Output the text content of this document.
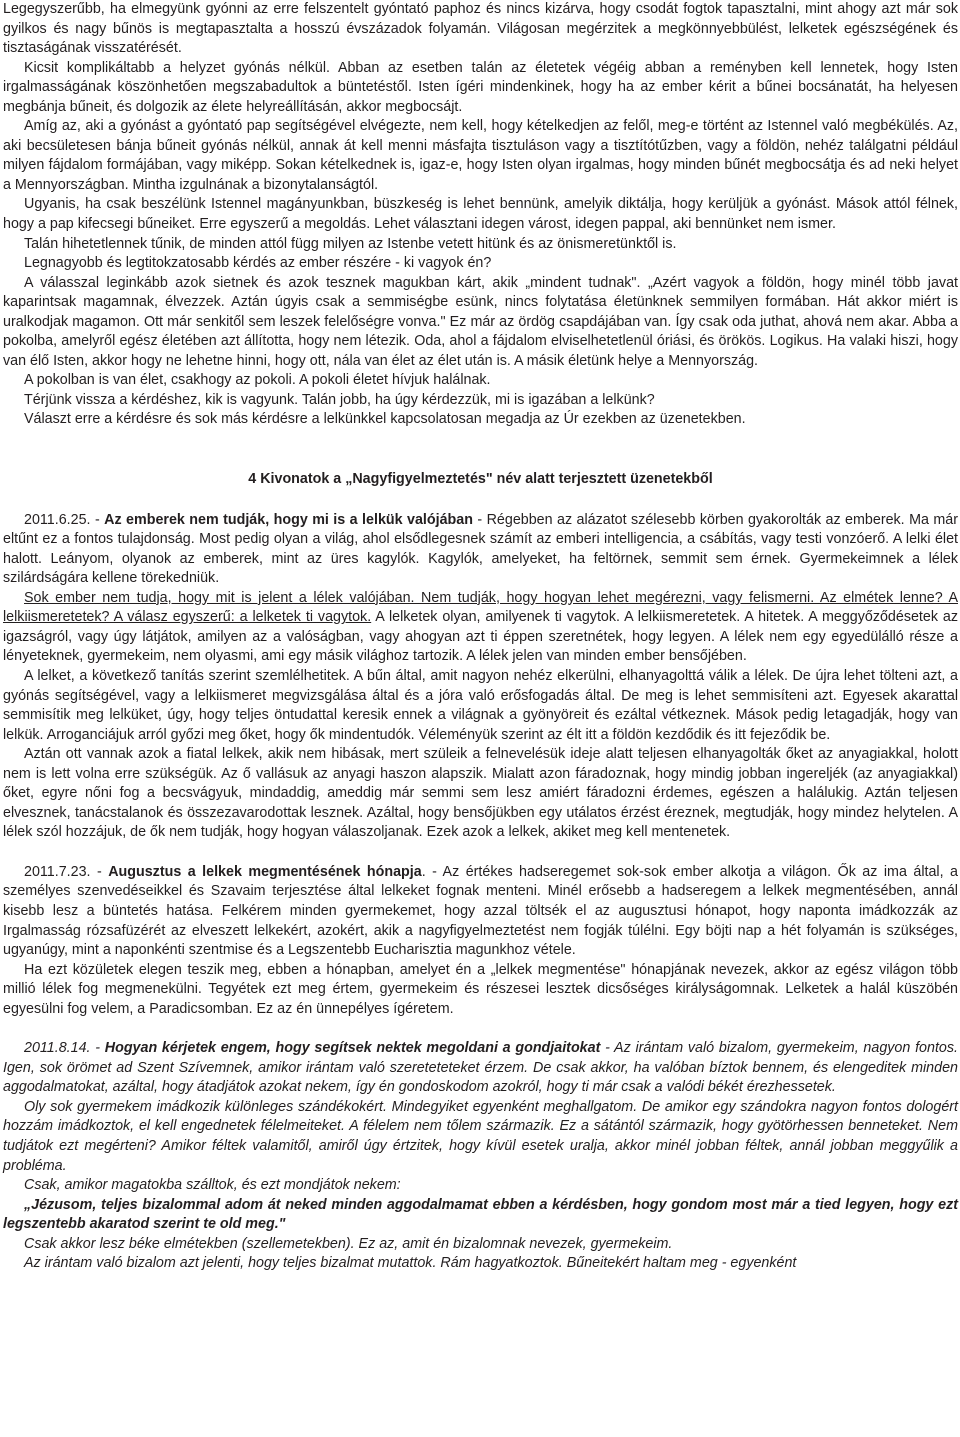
Legegyszerűbb, ha elmegyünk gyónni az erre felszentelt gyóntató paphoz és nincs kizárva, hogy csodát fogtok tapasztalni, mint ahogy azt már sok gyilkos és nagy bűnös is megtapasztalta a hosszú évszázadok folyamán. Világosan megérzitek a megkönnyebbülést, lelketek egészségének és tisztaságának visszatérését.

Kicsit komplikáltabb a helyzet gyónás nélkül. Abban az esetben talán az életetek végéig abban a reményben kell lennetek, hogy Isten irgalmasságának köszönhetően megszabadultok a büntetéstől. Isten ígéri mindenkinek, hogy ha az ember kérit a bűnei bocsánatát, ha helyesen megbánja bűneit, és dolgozik az élete helyreállításán, akkor megbocsájt.

Amíg az, aki a gyónást a gyóntató pap segítségével elvégezte, nem kell, hogy kételkedjen az felől, meg-e történt az Istennel való megbékülés. Az, aki becsületesen bánja bűneit gyónás nélkül, annak át kell menni másfajta tisztuláson vagy a tisztítótűzben, vagy a földön, nehéz találgatni például milyen fájdalom formájában, vagy miképp. Sokan kételkednek is, igaz-e, hogy Isten olyan irgalmas, hogy minden bűnét megbocsátja és ad neki helyet a Mennyországban. Mintha izgulnának a bizonytalanságtól.

Ugyanis, ha csak beszélünk Istennel magányunkban, büszkeség is lehet bennünk, amelyik diktálja, hogy kerüljük a gyónást. Mások attól félnek, hogy a pap kifecsegi bűneiket. Erre egyszerű a megoldás. Lehet választani idegen várost, idegen pappal, aki bennünket nem ismer.

Talán hihetetlennek tűnik, de minden attól függ milyen az Istenbe vetett hitünk és az önismeretünktől is.

Legnagyobb és legtitokzatosabb kérdés az ember részére - ki vagyok én?

A válasszal leginkább azok sietnek és azok tesznek magukban kárt, akik „mindent tudnak". „Azért vagyok a földön, hogy minél több javat kaparintsak magamnak, élvezzek. Aztán úgyis csak a semmiségbe esünk, nincs folytatása életünknek semmilyen formában. Hát akkor miért is uralkodjak magamon. Ott már senkitől sem leszek felelőségre vonva." Ez már az ördög csapdájában van. Így csak oda juthat, ahová nem akar. Abba a pokolba, amelyről egész életében azt állította, hogy nem létezik. Oda, ahol a fájdalom elviselhetetlenül óriási, és örökös. Logikus. Ha valaki hiszi, hogy van élő Isten, akkor hogy ne lehetne hinni, hogy ott, nála van élet az élet után is. A másik életünk helye a Mennyország.

A pokolban is van élet, csakhogy az pokoli. A pokoli életet hívjuk halálnak.

Térjünk vissza a kérdéshez, kik is vagyunk. Talán jobb, ha úgy kérdezzük, mi is igazában a lelkünk?

Választ erre a kérdésre és sok más kérdésre a lelkünkkel kapcsolatosan megadja az Úr ezekben az üzenetekben.

4 Kivonatok a „Nagyfigyelmeztetés" név alatt terjesztett üzenetekből

2011.6.25. - Az emberek nem tudják, hogy mi is a lelkük valójában - Régebben az alázatot szélesebb körben gyakorolták az emberek. Ma már eltűnt ez a fontos tulajdonság. Most pedig olyan a világ, ahol elsődlegesnek számít az emberi intelligencia, a csábítás, vagy testi vonzóerő. A lelki élet halott. Leányom, olyanok az emberek, mint az üres kagylók. Kagylók, amelyeket, ha feltörnek, semmit sem érnek. Gyermekeimnek a lélek szilárdságára kellene törekedniük.

Sok ember nem tudja, hogy mit is jelent a lélek valójában. Nem tudják, hogy hogyan lehet megérezni, vagy felismerni. Az elmétek lenne? A lelkiismeretetek? A válasz egyszerű: a lelketek ti vagytok. A lelketek olyan, amilyenek ti vagytok. A lelkiismeretetek. A hitetek. A meggyőződésetek az igazságról, vagy úgy látjátok, amilyen az a valóságban, vagy ahogyan azt ti éppen szeretnétek, hogy legyen. A lélek nem egy egyedülálló része a lényeteknek, gyermekeim, nem olyasmi, ami egy másik világhoz tartozik. A lélek jelen van minden ember bensőjében.

A lelket, a következő tanítás szerint szemlélhetitek. A bűn által, amit nagyon nehéz elkerülni, elhanyagolttá válik a lélek. De újra lehet tölteni azt, a gyónás segítségével, vagy a lelkiismeret megvizsgálása által és a jóra való erősfogadás által. De meg is lehet semmisíteni azt. Egyesek akarattal semmisítik meg lelküket, úgy, hogy teljes öntudattal keresik ennek a világnak a gyönyöreit és ezáltal vétkeznek. Mások pedig letagadják, hogy van lelkük. Arroganciájuk arról győzi meg őket, hogy ők mindentudók. Véleményük szerint az élt itt a földön kezdődik és itt fejeződik be.

Aztán ott vannak azok a fiatal lelkek, akik nem hibásak, mert szüleik a felnevelésük ideje alatt teljesen elhanyagolták őket az anyagiakkal, holott nem is lett volna erre szükségük. Az ő vallásuk az anyagi haszon alapszik. Mialatt azon fáradoznak, hogy mindig jobban ingereljék (az anyagiakkal) őket, egyre nőni fog a becsvágyuk, mindaddig, ameddig már semmi sem lesz amiért fáradozni érdemes, egészen a halálukig. Aztán teljesen elvesznek, tanácstalanok és összezavarodottak lesznek. Azáltal, hogy bensőjükben egy utálatos érzést éreznek, megtudják, hogy mindez helytelen. A lélek szól hozzájuk, de ők nem tudják, hogy hogyan válaszoljanak. Ezek azok a lelkek, akiket meg kell mentenetek.

2011.7.23. - Augusztus a lelkek megmentésének hónapja. - Az értékes hadseregemet sok-sok ember alkotja a világon. Ők az ima által, a személyes szenvedéseikkel és Szavaim terjesztése által lelkeket fognak menteni. Minél erősebb a hadseregem a lelkek megmentésében, annál kisebb lesz a büntetés hatása. Felkérem minden gyermekemet, hogy azzal töltsék el az augusztusi hónapot, hogy naponta imádkozzák az Irgalmasság rózsafüzérét az elveszett lelkekért, azokért, akik a nagyfigyelmeztetést nem fogják túlélni. Egy böjti nap a hét folyamán is szükséges, ugyanúgy, mint a naponkénti szentmise és a Legszentebb Eucharisztia magunkhoz vétele.

Ha ezt közületek elegen teszik meg, ebben a hónapban, amelyet én a „lelkek megmentése" hónapjának nevezek, akkor az egész világon több millió lélek fog megmenekülni. Tegyétek ezt meg értem, gyermekeim és részesei lesztek dicsőséges királyságomnak. Lelketek a halál küszöbén egyesülni fog velem, a Paradicsomban. Ez az én ünnepélyes ígéretem.

2011.8.14. - Hogyan kérjetek engem, hogy segítsek nektek megoldani a gondjaitokat - Az irántam való bizalom, gyermekeim, nagyon fontos. Igen, sok örömet ad Szent Szívemnek, amikor irántam való szereteteteket érzem. De csak akkor, ha valóban bíztok bennem, és elengeditek minden aggodalmatokat, azáltal, hogy átadjátok azokat nekem, így én gondoskodom azokról, hogy ti már csak a valódi békét érezhessetek.

Oly sok gyermekem imádkozik különleges szándékokért. Mindegyiket egyenként meghallgatom. De amikor egy szándokra nagyon fontos dologért hozzám imádkoztok, el kell engednetek félelmeiteket. A félelem nem tőlem származik. Ez a sátántól származik, hogy gyötörhessen benneteket. Nem tudjátok ezt megérteni? Amikor féltek valamitől, amiről úgy értzitek, hogy kívül esetek uralja, akkor minél jobban féltek, annál jobban meggyűlik a problémа.

Csak, amikor magatokba szálltok, és ezt mondjátok nekem:

„Jézusom, teljes bizalommal adom át neked minden aggodalmamat ebben a kérdésben, hogy gondom most már a tied legyen, hogy ezt legszentebb akaratod szerint te old meg."

Csak akkor lesz béke elmétekben (szellemetekben). Ez az, amit én bizalomnak nevezek, gyermekeim.

Az irántam való bizalom azt jelenti, hogy teljes bizalmat mutattok. Rám hagyatkoztok. Bűneitekért haltam meg - egyenként
